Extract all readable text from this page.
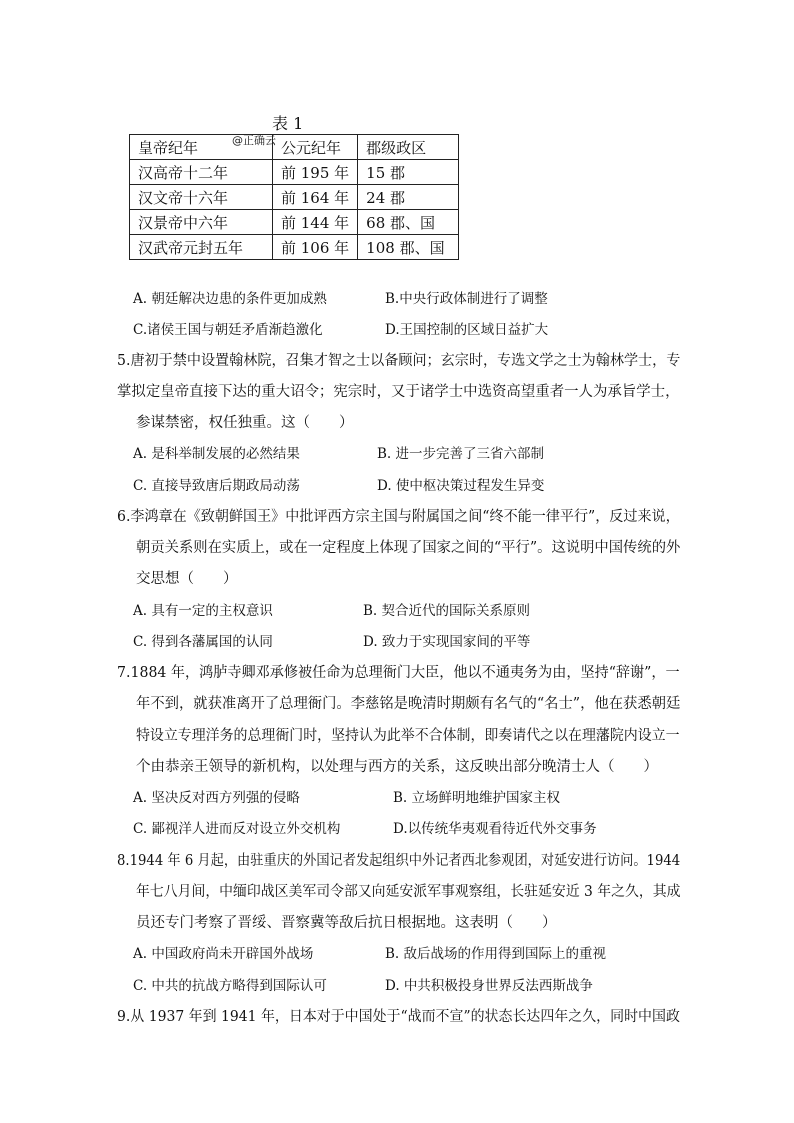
表 1
@正确云
皇帝纪年	公元纪年	郡级政区
汉高帝十二年	前 195 年	15 郡
汉文帝十六年	前 164 年	24 郡
汉景帝中六年	前 144 年	68 郡、国
汉武帝元封五年	前 106 年	108 郡、国
A. 朝廷解决边患的条件更加成熟	B.中央行政体制进行了调整
C.诸侯王国与朝廷矛盾渐趋激化	D.王国控制的区域日益扩大
5.唐初于禁中设置翰林院，召集才智之士以备顾问；玄宗时，专选文学之士为翰林学士，专
掌拟定皇帝直接下达的重大诏令；宪宗时，又于诸学士中选资高望重者一人为承旨学士，
参谋禁密，权任独重。这（　　）
A. 是科举制发展的必然结果	B. 进一步完善了三省六部制
C. 直接导致唐后期政局动荡	D. 使中枢决策过程发生异变
6.李鸿章在《致朝鲜国王》中批评西方宗主国与附属国之间“终不能一律平行”，反过来说，
朝贡关系则在实质上，或在一定程度上体现了国家之间的“平行”。这说明中国传统的外
交思想（　　）
A. 具有一定的主权意识	B. 契合近代的国际关系原则
C. 得到各藩属国的认同	D. 致力于实现国家间的平等
7.1884 年，鸿胪寺卿邓承修被任命为总理衙门大臣，他以不通夷务为由，坚持“辞谢”，一
年不到，就获准离开了总理衙门。李慈铭是晚清时期颇有名气的“名士”，他在获悉朝廷
特设立专理洋务的总理衙门时，坚持认为此举不合体制，即奏请代之以在理藩院内设立一
个由恭亲王领导的新机构，以处理与西方的关系，这反映出部分晚清士人（　　）
A. 坚决反对西方列强的侵略	B. 立场鲜明地维护国家主权
C. 鄙视洋人进而反对设立外交机构	D.以传统华夷观看待近代外交事务
8.1944 年 6 月起，由驻重庆的外国记者发起组织中外记者西北参观团，对延安进行访问。1944
年七八月间，中缅印战区美军司令部又向延安派军事观察组，长驻延安近 3 年之久，其成
员还专门考察了晋绥、晋察冀等敌后抗日根据地。这表明（　　）
A. 中国政府尚未开辟国外战场	B. 敌后战场的作用得到国际上的重视
C. 中共的抗战方略得到国际认可	D. 中共积极投身世界反法西斯战争
9.从 1937 年到 1941 年，日本对于中国处于“战而不宣”的状态长达四年之久，同时中国政
